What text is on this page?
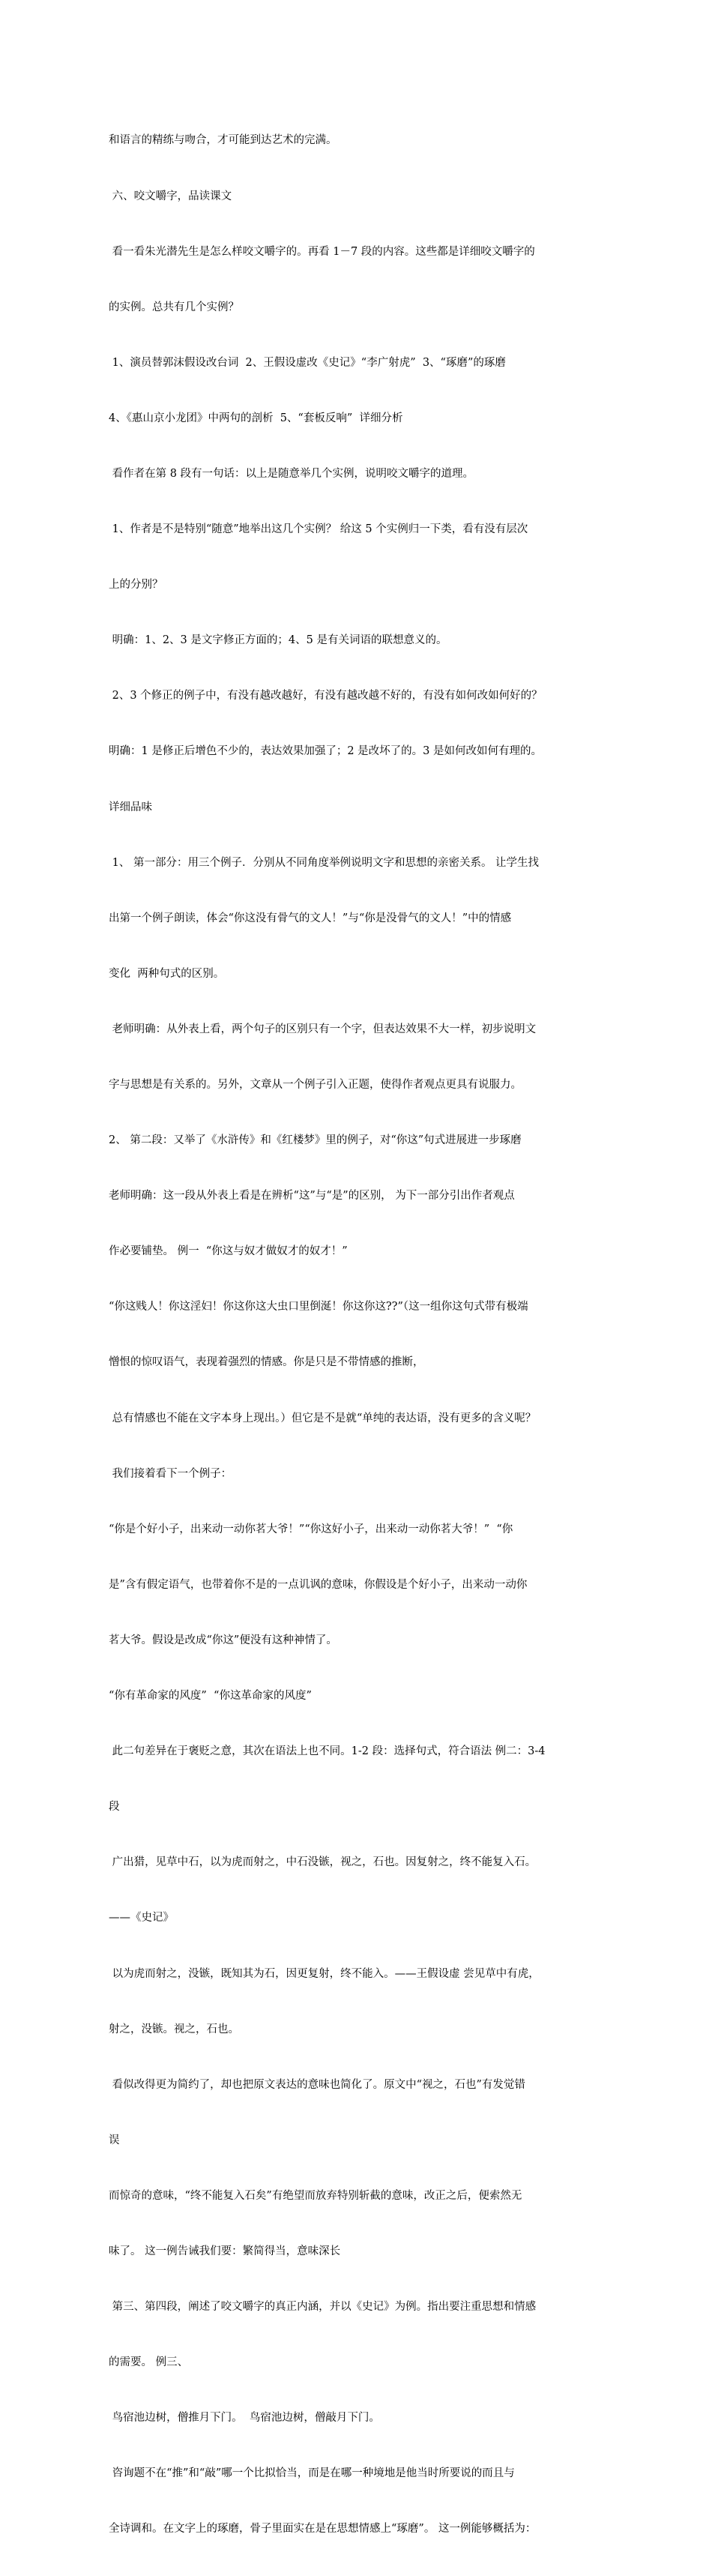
和语言的精练与吻合，才可能到达艺术的完满。

六、咬文嚼字，品读课文

看一看朱光潜先生是怎么样咬文嚼字的。再看 1－7 段的内容。这些都是详细咬文嚼字的

的实例。总共有几个实例？

1、演员替郭沫假设改台词  2、王假设虚改《史记》“李广射虎”  3、“琢磨”的琢磨

4、《惠山京小龙团》中两句的剖析  5、“套板反响”  详细分析

看作者在第 8 段有一句话：以上是随意举几个实例，说明咬文嚼字的道理。

1、作者是不是特别“随意”地举出这几个实例？ 给这 5 个实例归一下类，看有没有层次

上的分别？

明确：1、2、3 是文字修正方面的；4、5 是有关词语的联想意义的。

2、3 个修正的例子中，有没有越改越好，有没有越改越不好的，有没有如何改如何好的？

明确：1 是修正后增色不少的，表达效果加强了；2 是改坏了的。3 是如何改如何有理的。

详细品味

1、 第一部分：用三个例子．分别从不同角度举例说明文字和思想的亲密关系。 让学生找

出第一个例子朗读，体会“你这没有骨气的文人！”与“你是没骨气的文人！”中的情感

变化  两种句式的区别。

老师明确：从外表上看，两个句子的区别只有一个字，但表达效果不大一样，初步说明文

字与思想是有关系的。另外，文章从一个例子引入正题，使得作者观点更具有说服力。

2、 第二段：又举了《水浒传》和《红楼梦》里的例子，对“你这”句式进展进一步琢磨

老师明确：这一段从外表上看是在辨析“这”与“是”的区别， 为下一部分引出作者观点

作必要铺垫。 例一  “你这与奴才做奴才的奴才！”

“你这贱人！你这淫妇！你这你这大虫口里倒涎！你这你这??”（这一组你这句式带有极端

憎恨的惊叹语气，表现着强烈的情感。你是只是不带情感的推断，

总有情感也不能在文字本身上现出。）但它是不是就“单纯的表达语，没有更多的含义呢？

我们接着看下一个例子：

“你是个好小子，出来动一动你茗大爷！”“你这好小子，出来动一动你茗大爷！”  “你

是”含有假定语气，也带着你不是的一点讥讽的意味，你假设是个好小子，出来动一动你

茗大爷。假设是改成“你这”便没有这种神情了。

“你有革命家的风度”  “你这革命家的风度”

此二句差异在于褒贬之意，其次在语法上也不同。1-2 段：选择句式，符合语法 例二：3-4

段

广出猎，见草中石，以为虎而射之，中石没镞，视之，石也。因复射之，终不能复入石。

——《史记》

以为虎而射之，没镞，既知其为石，因更复射，终不能入。——王假设虚 尝见草中有虎，

射之，没镞。视之，石也。

看似改得更为简约了，却也把原文表达的意味也简化了。原文中“视之，石也”有发觉错

误

而惊奇的意味，“终不能复入石矣”有绝望而放弃特别斩截的意味，改正之后，便索然无

味了。 这一例告诫我们要：繁简得当，意味深长

第三、第四段，阐述了咬文嚼字的真正内涵，并以《史记》为例。指出要注重思想和情感

的需要。 例三、

鸟宿池边树，僧推月下门。  鸟宿池边树，僧敲月下门。

咨询题不在“推”和“敲”哪一个比拟恰当，而是在哪一种境地是他当时所要说的而且与

全诗调和。在文字上的琢磨，骨子里面实在是在思想情感上“琢磨”。 这一例能够概括为：
